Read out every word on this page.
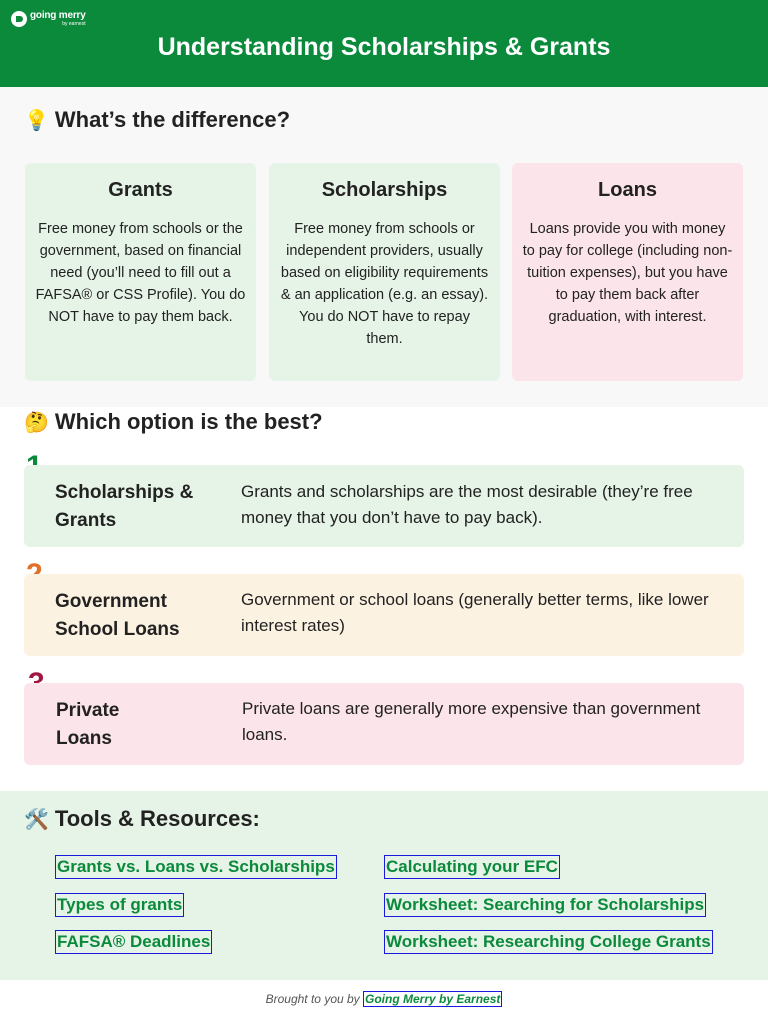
going merry
by earnest
Understanding Scholarships & Grants
💡 What’s the difference?
Grants
Free money from schools or the government, based on financial need (you’ll need to fill out a FAFSA® or CSS Profile). You do NOT have to pay them back.
Scholarships
Free money from schools or independent providers, usually based on eligibility requirements & an application (e.g. an essay). You do NOT have to repay them.
Loans
Loans provide you with money to pay for college (including non-tuition expenses), but you have to pay them back after graduation, with interest.
🤔 Which option is the best?
Scholarships & Grants
Grants and scholarships are the most desirable (they’re free money that you don’t have to pay back).
Government School Loans
Government or school loans (generally better terms, like lower interest rates)
Private Loans
Private loans are generally more expensive than government loans.
🛠️ Tools & Resources:
Grants vs. Loans vs. Scholarships
Types of grants
FAFSA® Deadlines
Calculating your EFC
Worksheet: Searching for Scholarships
Worksheet: Researching College Grants
Brought to you by Going Merry by Earnest
